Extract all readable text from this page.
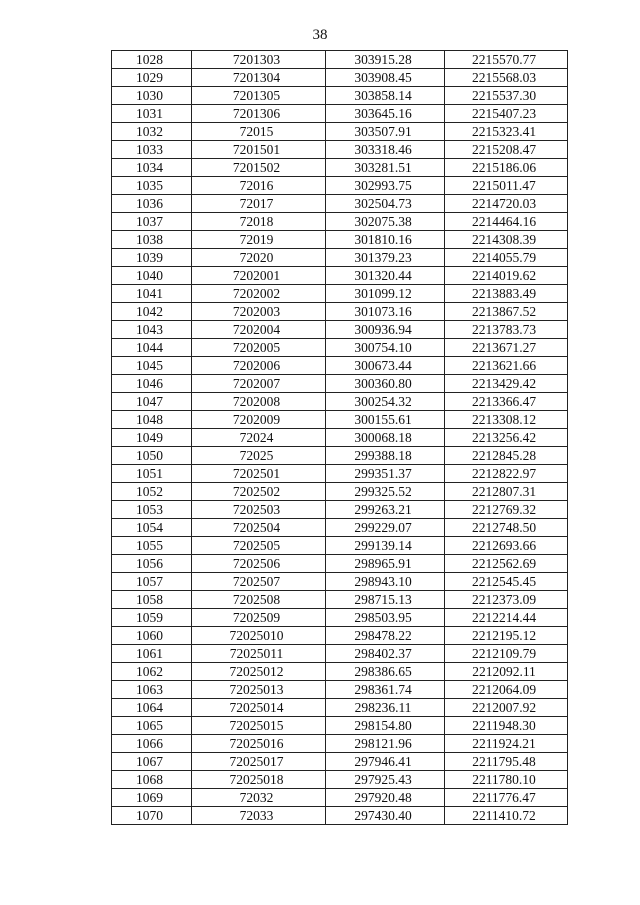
38
1028	7201303	303915.28	2215570.77
1029	7201304	303908.45	2215568.03
1030	7201305	303858.14	2215537.30
1031	7201306	303645.16	2215407.23
1032	72015	303507.91	2215323.41
1033	7201501	303318.46	2215208.47
1034	7201502	303281.51	2215186.06
1035	72016	302993.75	2215011.47
1036	72017	302504.73	2214720.03
1037	72018	302075.38	2214464.16
1038	72019	301810.16	2214308.39
1039	72020	301379.23	2214055.79
1040	7202001	301320.44	2214019.62
1041	7202002	301099.12	2213883.49
1042	7202003	301073.16	2213867.52
1043	7202004	300936.94	2213783.73
1044	7202005	300754.10	2213671.27
1045	7202006	300673.44	2213621.66
1046	7202007	300360.80	2213429.42
1047	7202008	300254.32	2213366.47
1048	7202009	300155.61	2213308.12
1049	72024	300068.18	2213256.42
1050	72025	299388.18	2212845.28
1051	7202501	299351.37	2212822.97
1052	7202502	299325.52	2212807.31
1053	7202503	299263.21	2212769.32
1054	7202504	299229.07	2212748.50
1055	7202505	299139.14	2212693.66
1056	7202506	298965.91	2212562.69
1057	7202507	298943.10	2212545.45
1058	7202508	298715.13	2212373.09
1059	7202509	298503.95	2212214.44
1060	72025010	298478.22	2212195.12
1061	72025011	298402.37	2212109.79
1062	72025012	298386.65	2212092.11
1063	72025013	298361.74	2212064.09
1064	72025014	298236.11	2212007.92
1065	72025015	298154.80	2211948.30
1066	72025016	298121.96	2211924.21
1067	72025017	297946.41	2211795.48
1068	72025018	297925.43	2211780.10
1069	72032	297920.48	2211776.47
1070	72033	297430.40	2211410.72
